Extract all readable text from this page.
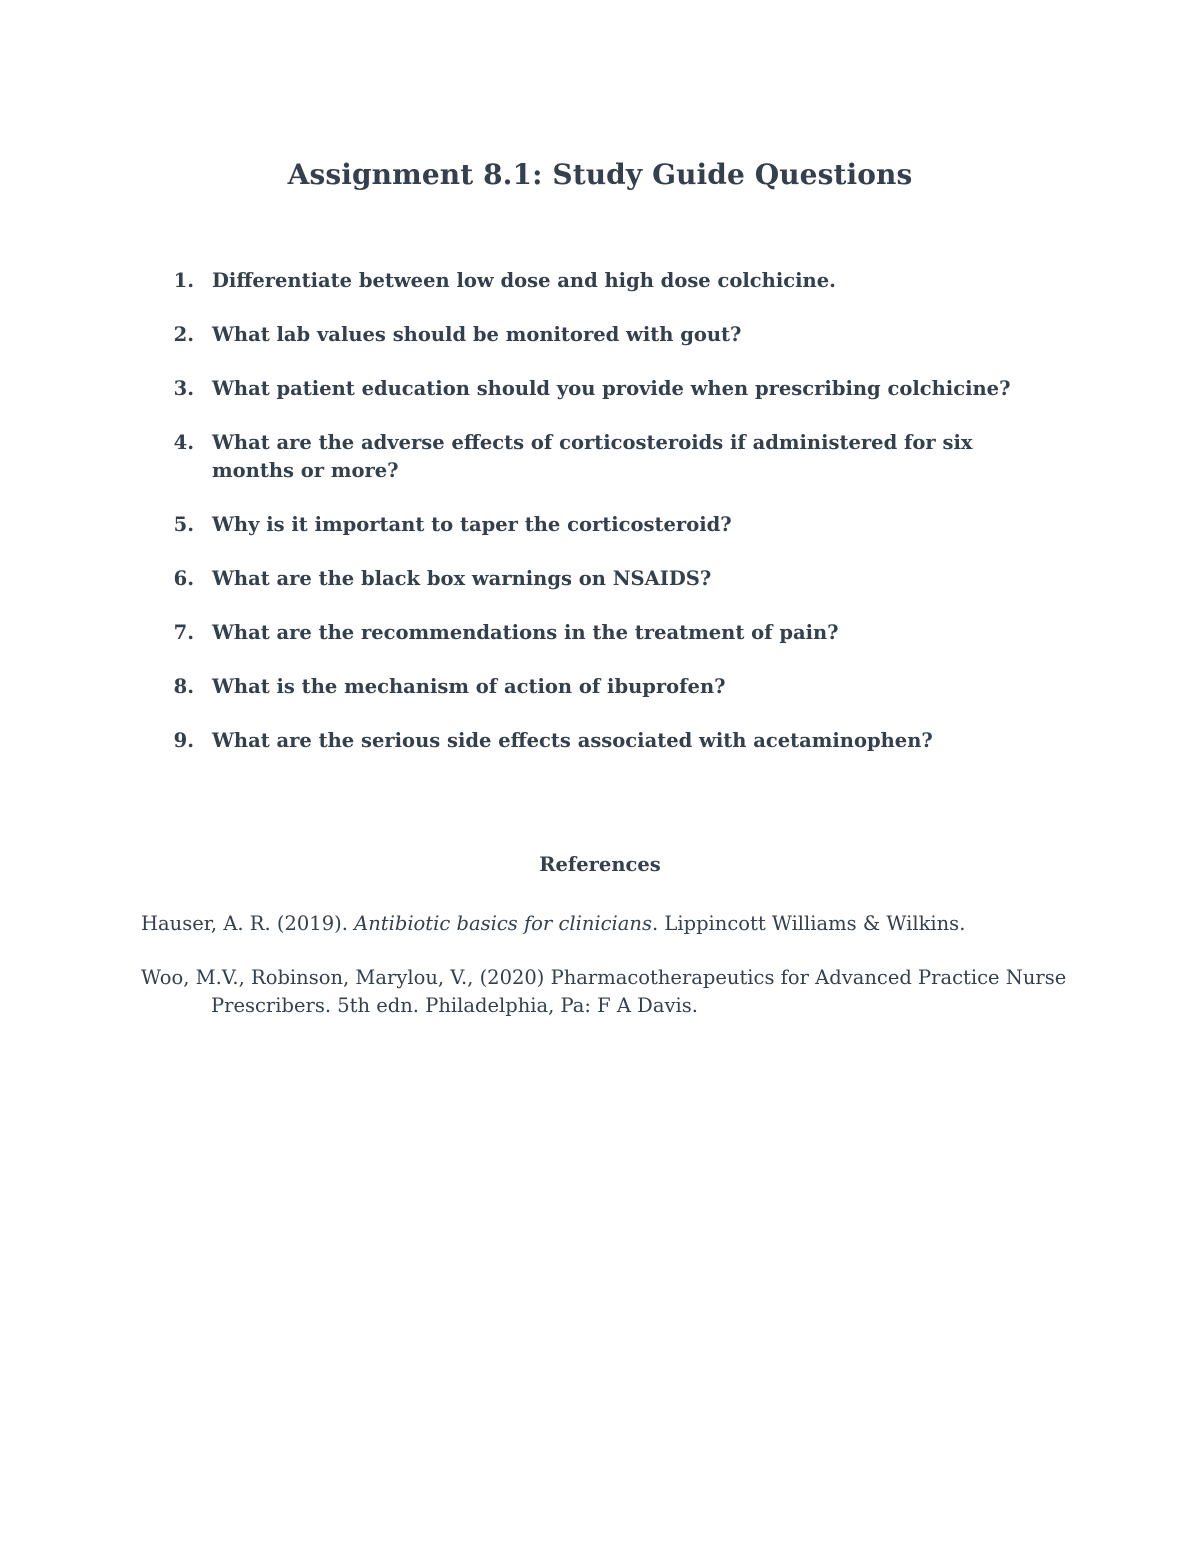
Assignment 8.1: Study Guide Questions
1. Differentiate between low dose and high dose colchicine.
2. What lab values should be monitored with gout?
3. What patient education should you provide when prescribing colchicine?
4. What are the adverse effects of corticosteroids if administered for six months or more?
5. Why is it important to taper the corticosteroid?
6. What are the black box warnings on NSAIDS?
7. What are the recommendations in the treatment of pain?
8. What is the mechanism of action of ibuprofen?
9. What are the serious side effects associated with acetaminophen?
References

Hauser, A. R. (2019). Antibiotic basics for clinicians. Lippincott Williams & Wilkins.

Woo, M.V., Robinson, Marylou, V., (2020) Pharmacotherapeutics for Advanced Practice Nurse Prescribers. 5th edn. Philadelphia, Pa: F A Davis.
